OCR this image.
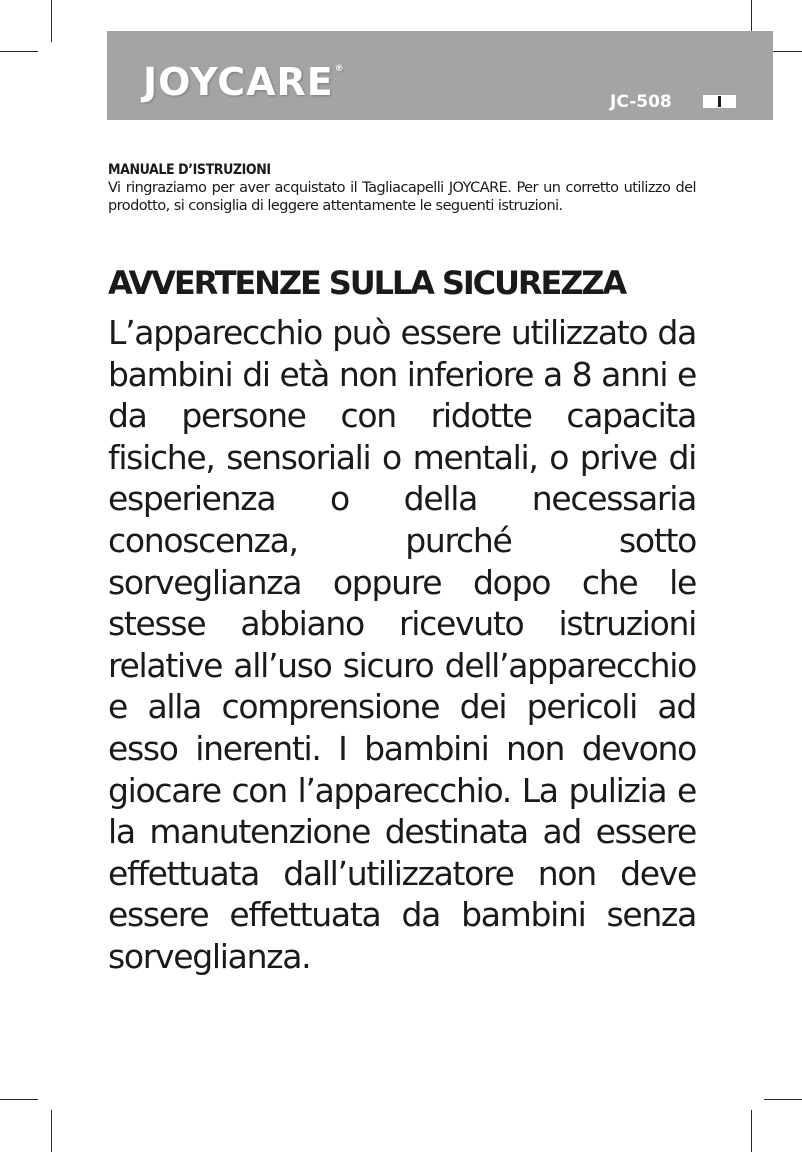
JOYCARE®
JC-508
MANUALE D’ISTRUZIONI

Vi ringraziamo per aver acquistato il Tagliacapelli JOYCARE. Per un corretto utilizzo del prodotto, si consiglia di leggere attentamente le seguenti istruzioni.

AVVERTENZE SULLA SICUREZZA

L’apparecchio può essere utilizzato da bambini di età non inferiore a 8 anni e da persone con ridotte capacita fisiche, sensoriali o mentali, o prive di esperienza o della necessaria conoscenza, purché sotto sorveglianza oppure dopo che le stesse abbiano ricevuto istruzioni relative all’uso sicuro dell’apparecchio e alla comprensione dei pericoli ad esso inerenti. I bambini non devono giocare con l’apparecchio. La pulizia e la manutenzione destinata ad essere effettuata dall’utilizzatore non deve essere effettuata da bambini senza sorveglianza.
